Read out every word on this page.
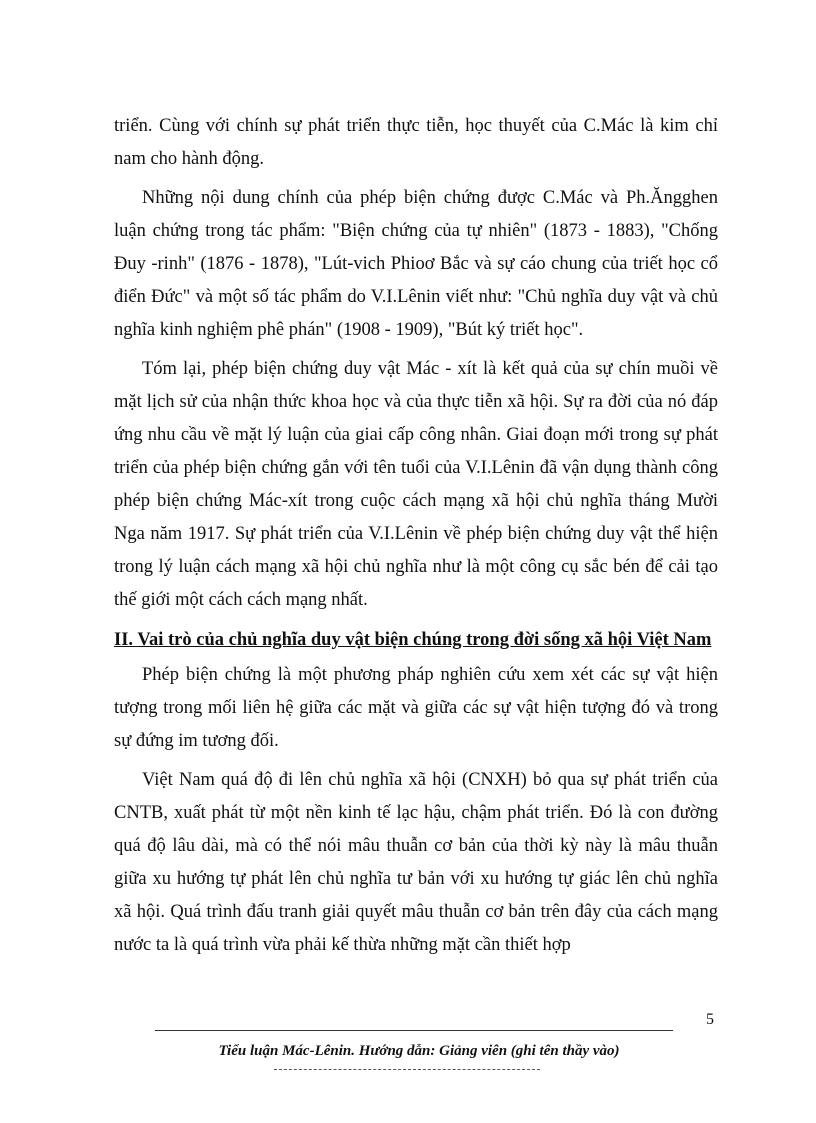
triển. Cùng với chính sự phát triển thực tiễn, học thuyết của C.Mác là kim chỉ nam cho hành động.

Những nội dung chính của phép biện chứng được C.Mác và Ph.Ăngghen luận chứng trong tác phẩm: "Biện chứng của tự nhiên" (1873 - 1883), "Chống Đuy -rinh" (1876 - 1878), "Lút-vich Phioơ Bắc và sự cáo chung của triết học cổ điển Đức" và một số tác phẩm do V.I.Lênin viết như: "Chủ nghĩa duy vật và chủ nghĩa kinh nghiệm phê phán" (1908 - 1909), "Bút ký triết học".

Tóm lại, phép biện chứng duy vật Mác - xít là kết quả của sự chín muồi về mặt lịch sử của nhận thức khoa học và của thực tiễn xã hội. Sự ra đời của nó đáp ứng nhu cầu về mặt lý luận của giai cấp công nhân. Giai đoạn mới trong sự phát triển của phép biện chứng gắn với tên tuổi của V.I.Lênin đã vận dụng thành công phép biện chứng Mác-xít trong cuộc cách mạng xã hội chủ nghĩa tháng Mười Nga năm 1917. Sự phát triển của V.I.Lênin về phép biện chứng duy vật thể hiện trong lý luận cách mạng xã hội chủ nghĩa như là một công cụ sắc bén để cải tạo thế giới một cách cách mạng nhất.

II. Vai trò của chủ nghĩa duy vật biện chúng trong đời sống xã hội Việt Nam

Phép biện chứng là một phương pháp nghiên cứu xem xét các sự vật hiện tượng trong mối liên hệ giữa các mặt và giữa các sự vật hiện tượng đó và trong sự đứng im tương đối.

Việt Nam quá độ đi lên chủ nghĩa xã hội (CNXH) bỏ qua sự phát triển của CNTB, xuất phát từ một nền kinh tế lạc hậu, chậm phát triển. Đó là con đường quá độ lâu dài, mà có thể nói mâu thuẫn cơ bản của thời kỳ này là mâu thuẫn giữa xu hướng tự phát lên chủ nghĩa tư bản với xu hướng tự giác lên chủ nghĩa xã hội. Quá trình đấu tranh giải quyết mâu thuẫn cơ bản trên đây của cách mạng nước ta là quá trình vừa phải kế thừa những mặt cần thiết hợp

5
Tiểu luận Mác-Lênin. Hướng dẫn: Giảng viên (ghi tên thầy vào)
